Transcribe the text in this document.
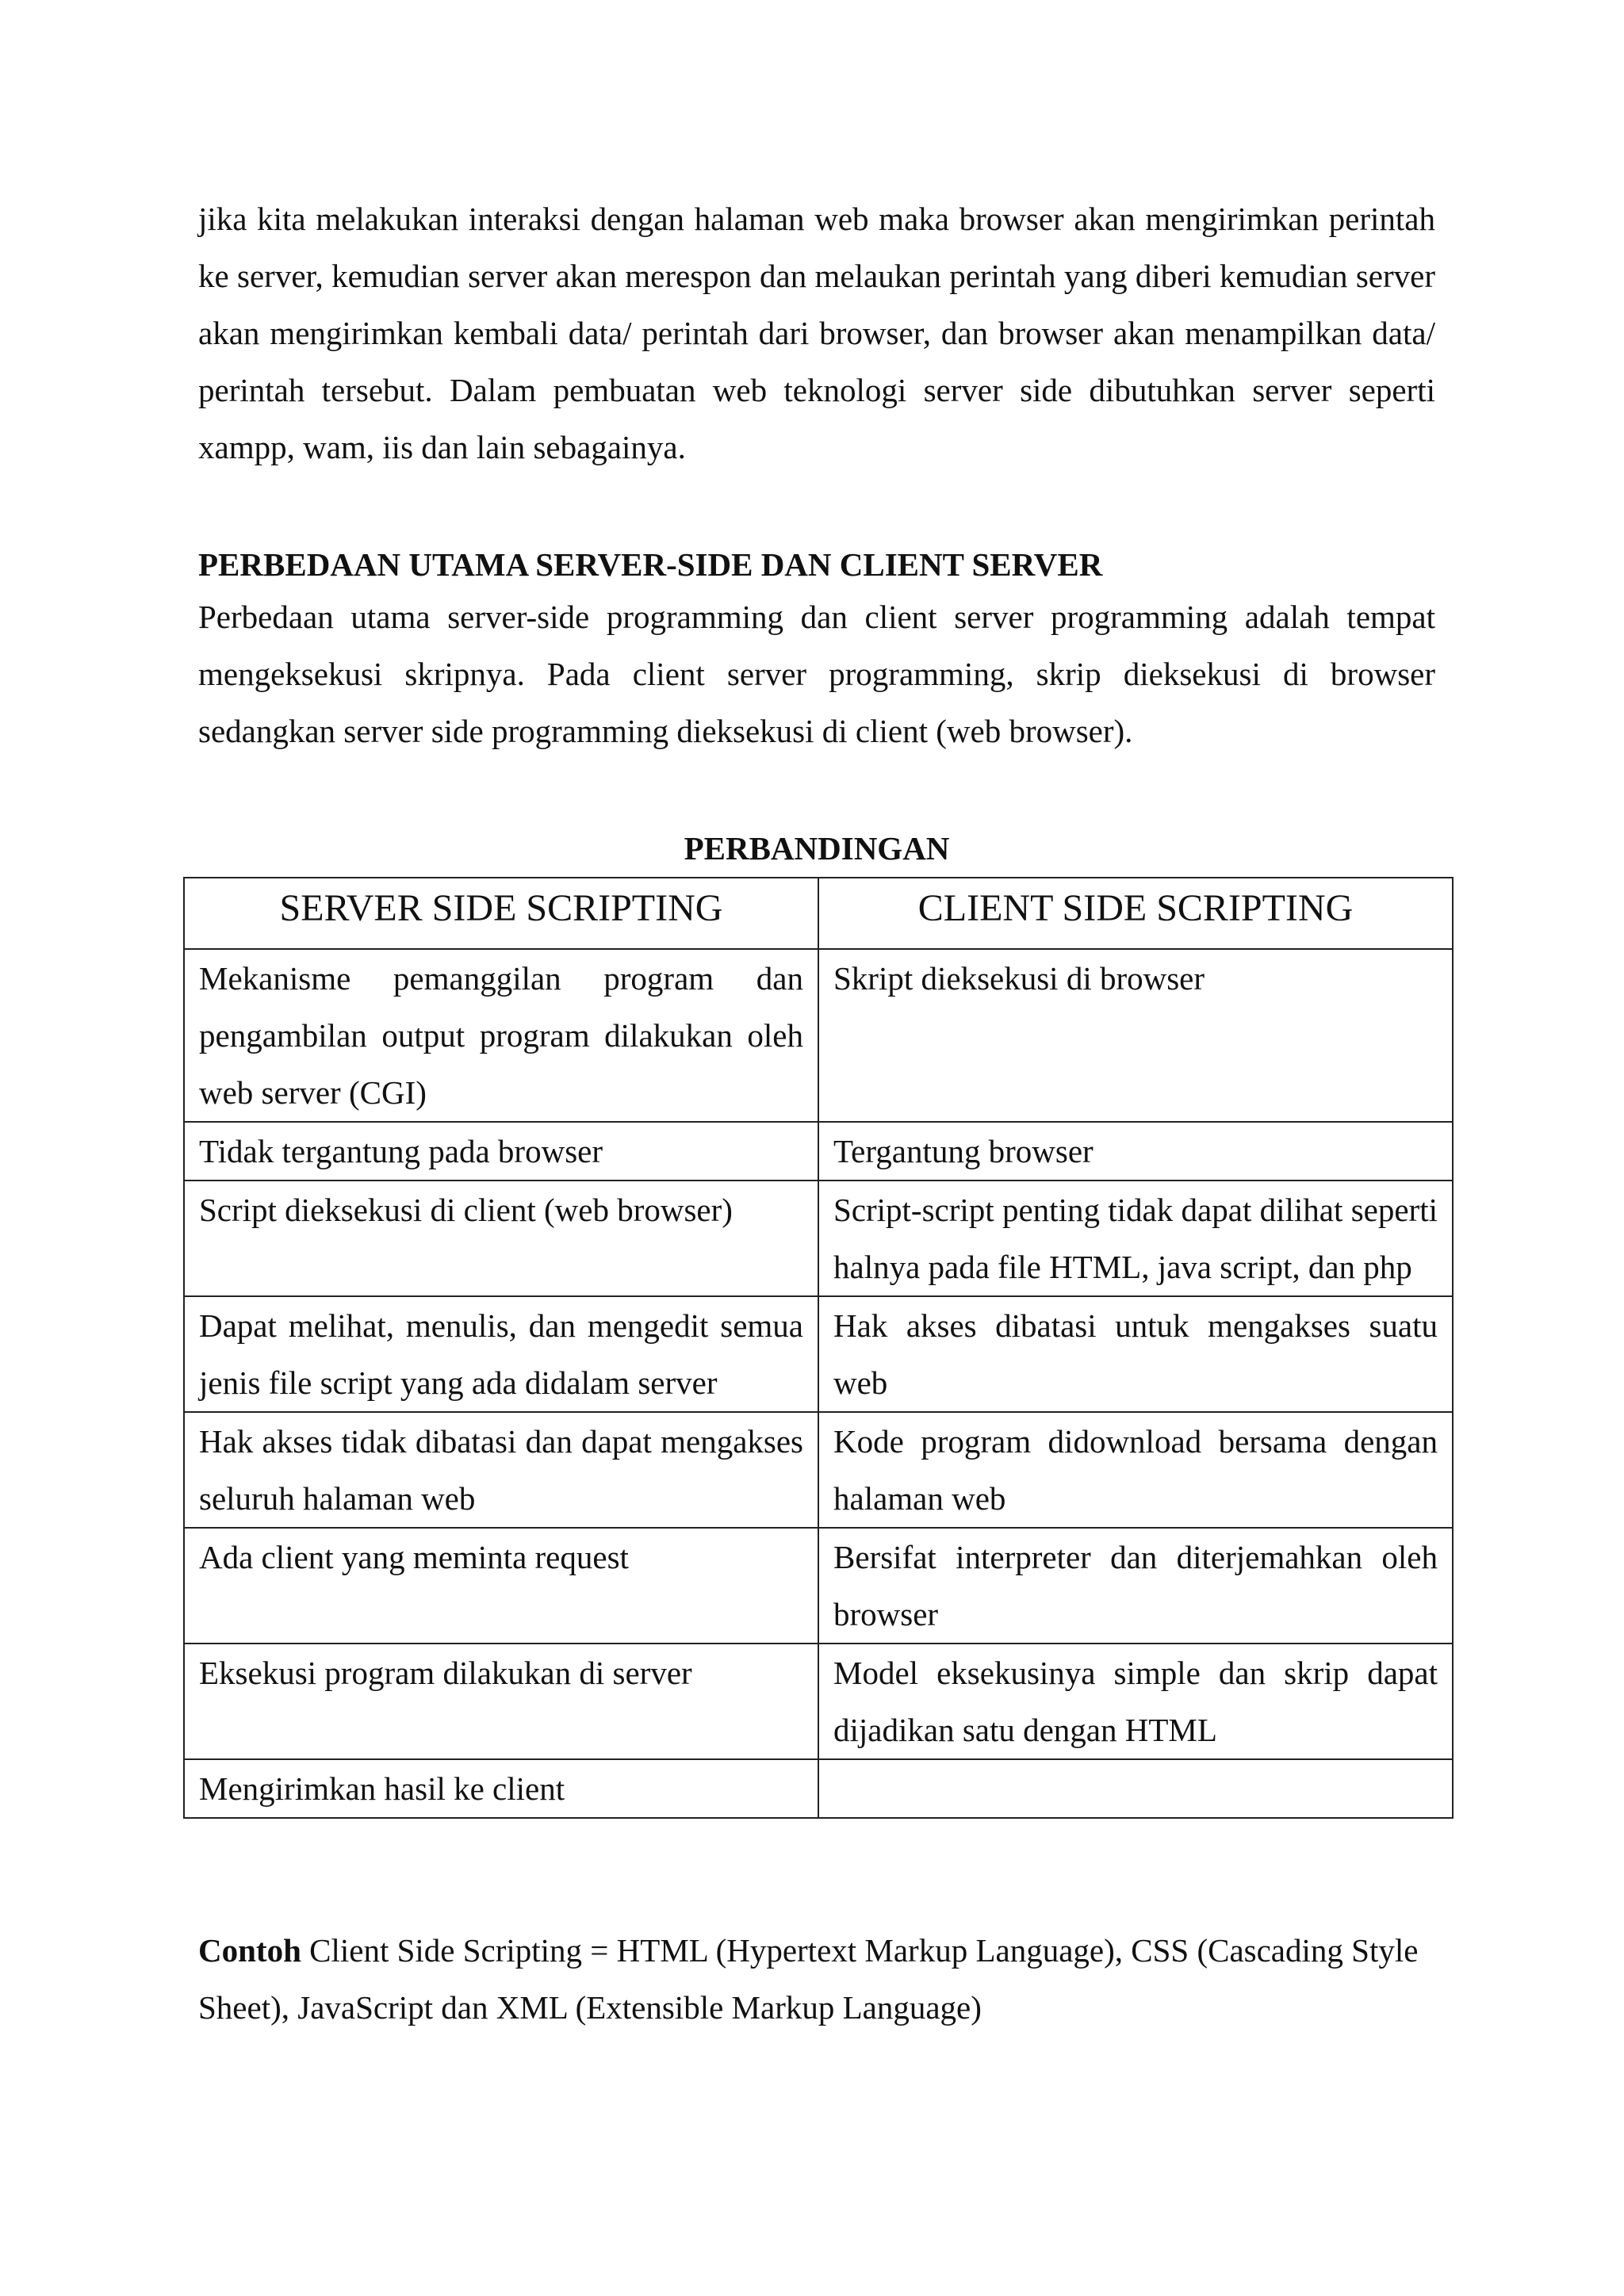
jika kita melakukan interaksi dengan halaman web maka browser akan mengirimkan perintah ke server, kemudian server akan merespon dan melaukan perintah yang diberi kemudian server akan mengirimkan kembali data/ perintah dari browser, dan browser akan menampilkan data/ perintah tersebut. Dalam pembuatan web teknologi server side dibutuhkan server seperti xampp, wam, iis dan lain sebagainya.

PERBEDAAN UTAMA SERVER-SIDE DAN CLIENT SERVER

Perbedaan utama server-side programming dan client server programming adalah tempat mengeksekusi skripnya. Pada client server programming, skrip dieksekusi di browser sedangkan server side programming dieksekusi di client (web browser).

PERBANDINGAN
SERVER SIDE SCRIPTING	CLIENT SIDE SCRIPTING
Mekanisme pemanggilan program dan pengambilan output program dilakukan oleh web server (CGI)	Skript dieksekusi di browser
Tidak tergantung pada browser	Tergantung browser
Script dieksekusi di client (web browser)	Script-script penting tidak dapat dilihat seperti halnya pada file HTML, java script, dan php
Dapat melihat, menulis, dan mengedit semua jenis file script yang ada didalam server	Hak akses dibatasi untuk mengakses suatu web
Hak akses tidak dibatasi dan dapat mengakses seluruh halaman web	Kode program didownload bersama dengan halaman web
Ada client yang meminta request	Bersifat interpreter dan diterjemahkan oleh browser
Eksekusi program dilakukan di server	Model eksekusinya simple dan skrip dapat dijadikan satu dengan HTML
Mengirimkan hasil ke client	

Contoh Client Side Scripting = HTML (Hypertext Markup Language), CSS (Cascading Style Sheet), JavaScript dan XML (Extensible Markup Language)
